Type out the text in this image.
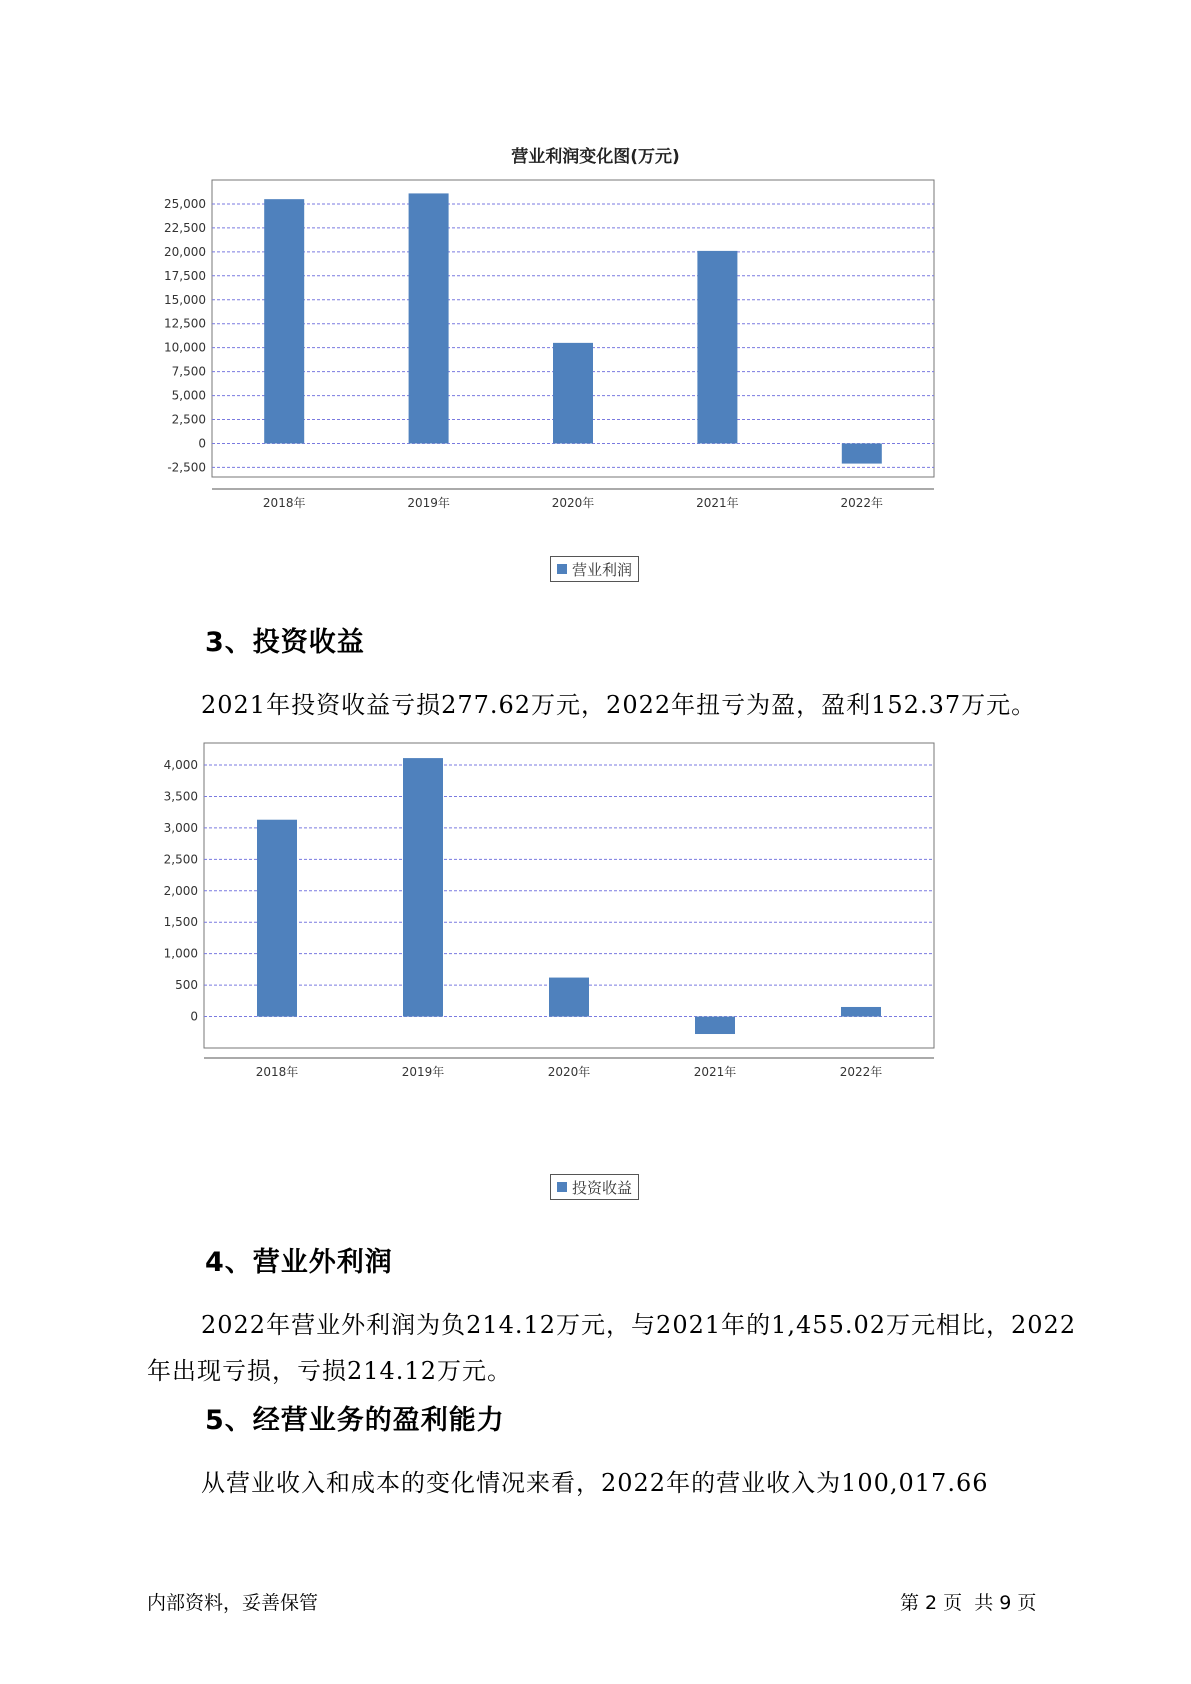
营业利润变化图(万元)
-2,500
0
2,500
5,000
7,500
10,000
12,500
15,000
17,500
20,000
22,500
25,000
2018年	2019年	2020年	2021年	2022年
营业利润
3、投资收益
2021年投资收益亏损277.62万元，2022年扭亏为盈，盈利152.37万元。
0
500
1,000
1,500
2,000
2,500
3,000
3,500
4,000
2018年	2019年	2020年	2021年	2022年
投资收益
4、营业外利润
2022年营业外利润为负214.12万元，与2021年的1,455.02万元相比，2022年出现亏损，亏损214.12万元。
5、经营业务的盈利能力
从营业收入和成本的变化情况来看，2022年的营业收入为100,017.66
内部资料，妥善保管	第 2 页  共 9 页
